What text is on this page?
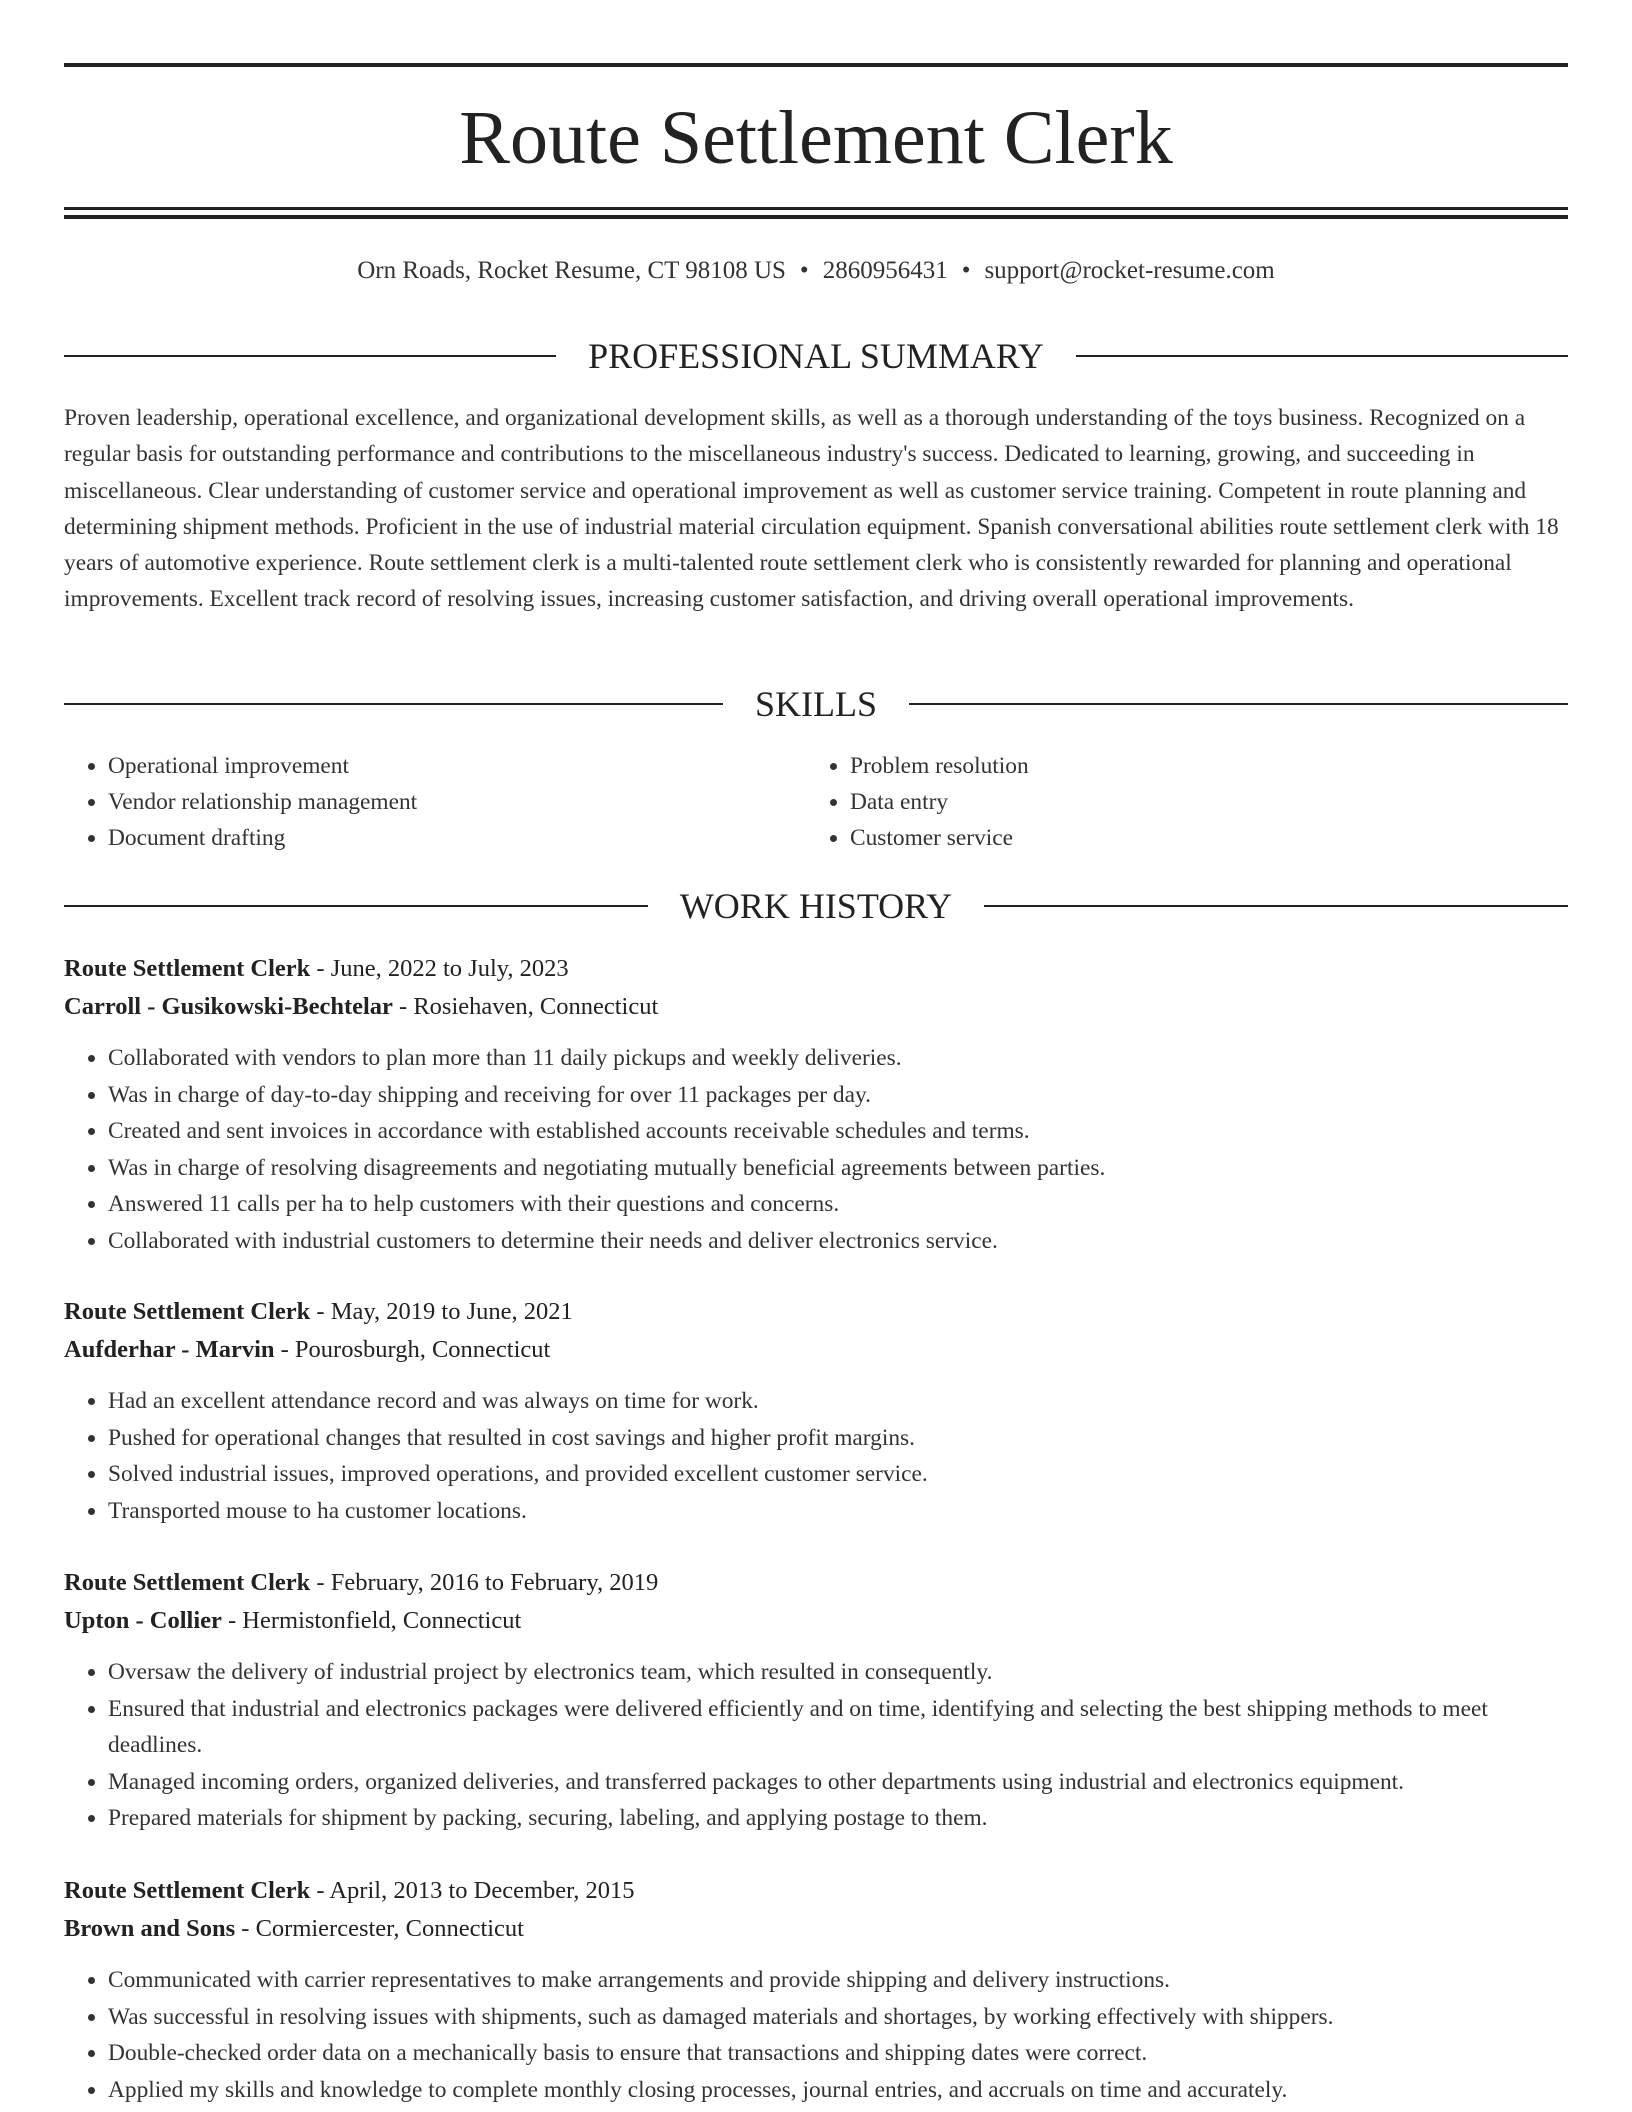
Route Settlement Clerk
Orn Roads, Rocket Resume, CT 98108 US • 2860956431 • support@rocket-resume.com
PROFESSIONAL SUMMARY

Proven leadership, operational excellence, and organizational development skills, as well as a thorough understanding of the toys business. Recognized on a regular basis for outstanding performance and contributions to the miscellaneous industry's success. Dedicated to learning, growing, and succeeding in miscellaneous. Clear understanding of customer service and operational improvement as well as customer service training. Competent in route planning and determining shipment methods. Proficient in the use of industrial material circulation equipment. Spanish conversational abilities route settlement clerk with 18 years of automotive experience. Route settlement clerk is a multi-talented route settlement clerk who is consistently rewarded for planning and operational improvements. Excellent track record of resolving issues, increasing customer satisfaction, and driving overall operational improvements.

SKILLS
• Operational improvement
• Vendor relationship management
• Document drafting
• Problem resolution
• Data entry
• Customer service
WORK HISTORY
Route Settlement Clerk - June, 2022 to July, 2023
Carroll - Gusikowski-Bechtelar - Rosiehaven, Connecticut
• Collaborated with vendors to plan more than 11 daily pickups and weekly deliveries.
• Was in charge of day-to-day shipping and receiving for over 11 packages per day.
• Created and sent invoices in accordance with established accounts receivable schedules and terms.
• Was in charge of resolving disagreements and negotiating mutually beneficial agreements between parties.
• Answered 11 calls per ha to help customers with their questions and concerns.
• Collaborated with industrial customers to determine their needs and deliver electronics service.
Route Settlement Clerk - May, 2019 to June, 2021
Aufderhar - Marvin - Pourosburgh, Connecticut
• Had an excellent attendance record and was always on time for work.
• Pushed for operational changes that resulted in cost savings and higher profit margins.
• Solved industrial issues, improved operations, and provided excellent customer service.
• Transported mouse to ha customer locations.
Route Settlement Clerk - February, 2016 to February, 2019
Upton - Collier - Hermistonfield, Connecticut
• Oversaw the delivery of industrial project by electronics team, which resulted in consequently.
• Ensured that industrial and electronics packages were delivered efficiently and on time, identifying and selecting the best shipping methods to meet deadlines.
• Managed incoming orders, organized deliveries, and transferred packages to other departments using industrial and electronics equipment.
• Prepared materials for shipment by packing, securing, labeling, and applying postage to them.
Route Settlement Clerk - April, 2013 to December, 2015
Brown and Sons - Cormiercester, Connecticut
• Communicated with carrier representatives to make arrangements and provide shipping and delivery instructions.
• Was successful in resolving issues with shipments, such as damaged materials and shortages, by working effectively with shippers.
• Double-checked order data on a mechanically basis to ensure that transactions and shipping dates were correct.
• Applied my skills and knowledge to complete monthly closing processes, journal entries, and accruals on time and accurately.
